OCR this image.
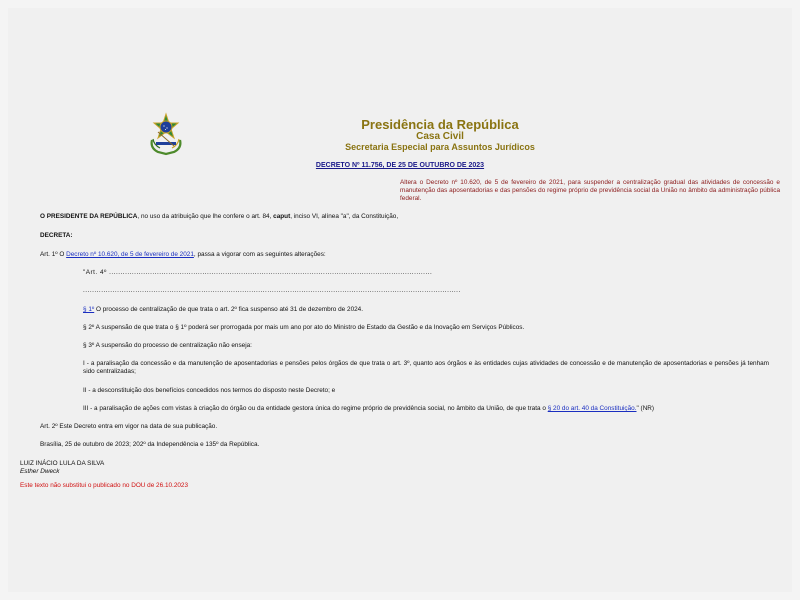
Presidência da República
Casa Civil
Secretaria Especial para Assuntos Jurídicos
DECRETO Nº 11.756, DE 25 DE OUTUBRO DE 2023
Altera o Decreto nº 10.620, de 5 de fevereiro de 2021, para suspender a centralização gradual das atividades de concessão e manutenção das aposentadorias e das pensões do regime próprio de previdência social da União no âmbito da administração pública federal.
O PRESIDENTE DA REPÚBLICA, no uso da atribuição que lhe confere o art. 84, caput, inciso VI, alínea "a", da Constituição,
DECRETA:
Art. 1º O Decreto nº 10.620, de 5 de fevereiro de 2021, passa a vigorar com as seguintes alterações:
"Art. 4º ..............................................................................................................................................
......................................................................................................................................................................
§ 1º O processo de centralização de que trata o art. 2º fica suspenso até 31 de dezembro de 2024.
§ 2º A suspensão de que trata o § 1º poderá ser prorrogada por mais um ano por ato do Ministro de Estado da Gestão e da Inovação em Serviços Públicos.
§ 3º A suspensão do processo de centralização não enseja:
I - a paralisação da concessão e da manutenção de aposentadorias e pensões pelos órgãos de que trata o art. 3º, quanto aos órgãos e às entidades cujas atividades de concessão e de manutenção de aposentadorias e pensões já tenham sido centralizadas;
II - a desconstituição dos benefícios concedidos nos termos do disposto neste Decreto; e
III - a paralisação de ações com vistas à criação do órgão ou da entidade gestora única do regime próprio de previdência social, no âmbito da União, de que trata o § 20 do art. 40 da Constituição." (NR)
Art. 2º Este Decreto entra em vigor na data de sua publicação.
Brasília, 25 de outubro de 2023; 202º da Independência e 135º da República.
LUIZ INÁCIO LULA DA SILVA
Esther Dweck
Este texto não substitui o publicado no DOU de 26.10.2023
